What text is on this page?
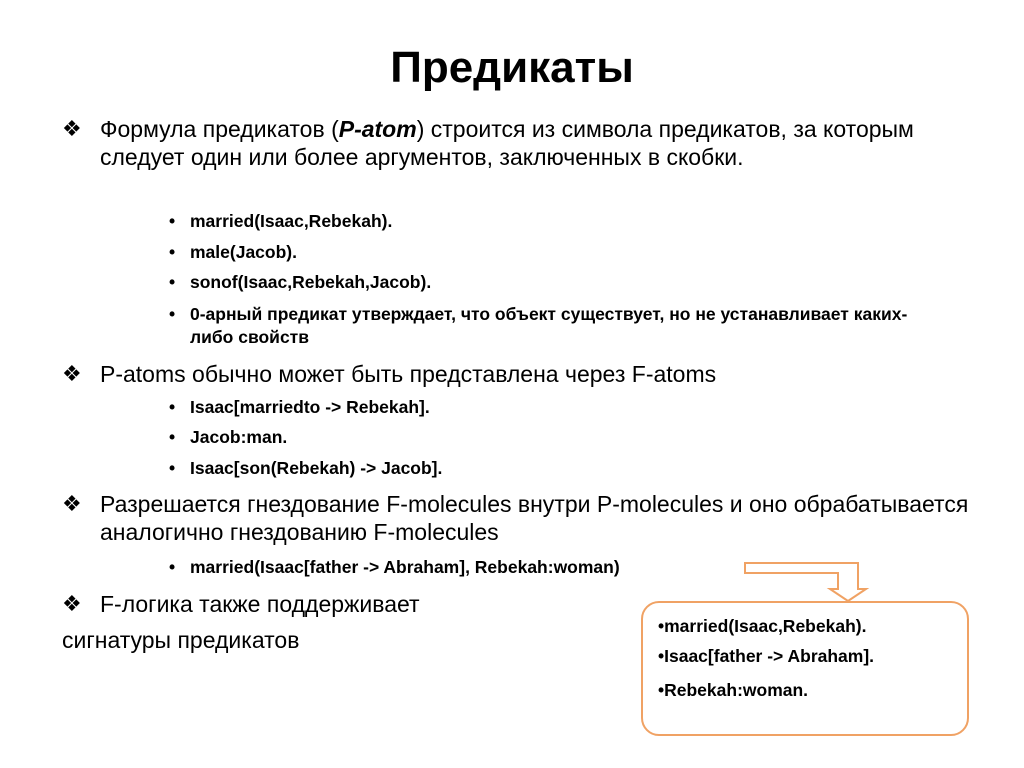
Предикаты
❖ Формула предикатов (P-atom) строится из символа предикатов, за которым следует один или более аргументов, заключенных в скобки.
• married(Isaac,Rebekah).
• male(Jacob).
• sonof(Isaac,Rebekah,Jacob).
• 0-арный предикат утверждает, что объект существует, но не устанавливает каких-либо свойств
❖ P-atoms обычно может быть представлена через F-atoms
• Isaac[marriedto -> Rebekah].
• Jacob:man.
• Isaac[son(Rebekah) -> Jacob].
❖ Разрешается гнездование F-molecules внутри P-molecules и оно обрабатывается аналогично гнездованию F-molecules
• married(Isaac[father -> Abraham], Rebekah:woman)
❖ F-логика также поддерживает
сигнатуры предикатов
•married(Isaac,Rebekah).
•Isaac[father -> Abraham].
•Rebekah:woman.
